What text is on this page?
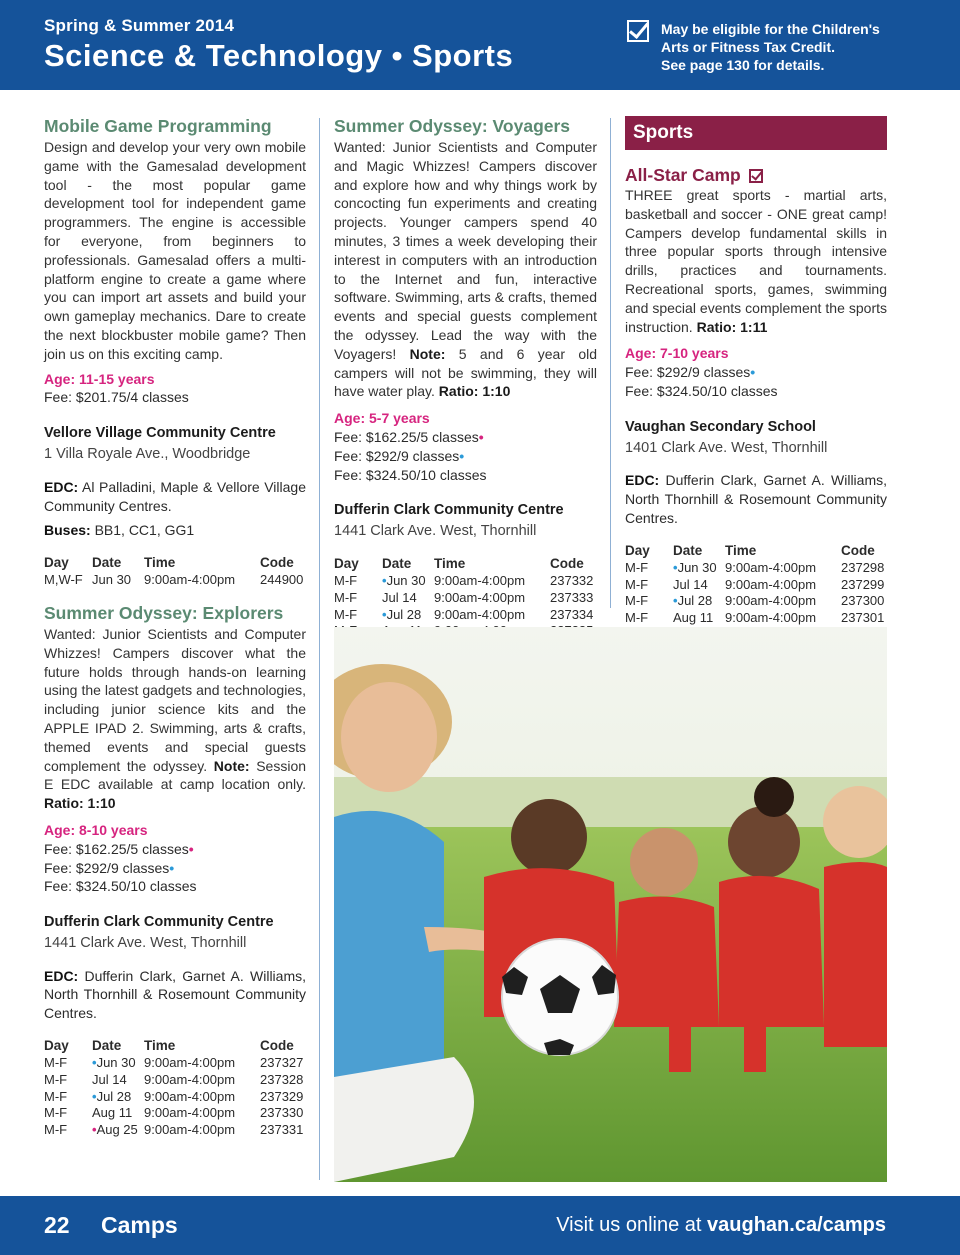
Spring & Summer 2014
Science & Technology • Sports
May be eligible for the Children's
Arts or Fitness Tax Credit.
See page 130 for details.
Mobile Game Programming
Design and develop your very own mobile game with the Gamesalad development tool - the most popular game development tool for independent game programmers. The engine is accessible for everyone, from beginners to professionals. Gamesalad offers a multi-platform engine to create a game where you can import art assets and build your own gameplay mechanics. Dare to create the next blockbuster mobile game? Then join us on this exciting camp.
Age: 11-15 years
Fee: $201.75/4 classes
Vellore Village Community Centre
1 Villa Royale Ave., Woodbridge
EDC: Al Palladini, Maple & Vellore Village Community Centres.
Buses: BB1, CC1, GG1
Day	Date	Time	Code
M,W-F	Jun 30	9:00am-4:00pm	244900
Summer Odyssey: Explorers
Wanted: Junior Scientists and Computer Whizzes! Campers discover what the future holds through hands-on learning using the latest gadgets and technologies, including junior science kits and the APPLE IPAD 2. Swimming, arts & crafts, themed events and special guests complement the odyssey. Note: Session E EDC available at camp location only. Ratio: 1:10
Age: 8-10 years
Fee: $162.25/5 classes•
Fee: $292/9 classes•
Fee: $324.50/10 classes
Dufferin Clark Community Centre
1441 Clark Ave. West, Thornhill
EDC: Dufferin Clark, Garnet A. Williams, North Thornhill & Rosemount Community Centres.
Day	Date	Time	Code
M-F	•Jun 30	9:00am-4:00pm	237327
M-F	Jul 14	9:00am-4:00pm	237328
M-F	•Jul 28	9:00am-4:00pm	237329
M-F	Aug 11	9:00am-4:00pm	237330
M-F	•Aug 25	9:00am-4:00pm	237331
Summer Odyssey: Voyagers
Wanted: Junior Scientists and Computer and Magic Whizzes! Campers discover and explore how and why things work by concocting fun experiments and creating projects. Younger campers spend 40 minutes, 3 times a week developing their interest in computers with an introduction to the Internet and fun, interactive software. Swimming, arts & crafts, themed events and special guests complement the odyssey. Lead the way with the Voyagers! Note: 5 and 6 year old campers will not be swimming, they will have water play. Ratio: 1:10
Age: 5-7 years
Fee: $162.25/5 classes•
Fee: $292/9 classes•
Fee: $324.50/10 classes
Dufferin Clark Community Centre
1441 Clark Ave. West, Thornhill
Day	Date	Time	Code
M-F	•Jun 30	9:00am-4:00pm	237332
M-F	Jul 14	9:00am-4:00pm	237333
M-F	•Jul 28	9:00am-4:00pm	237334

Sports
All-Star Camp
THREE great sports - martial arts, basketball and soccer - ONE great camp! Campers develop fundamental skills in three popular sports through intensive drills, practices and tournaments. Recreational sports, games, swimming and special events complement the sports instruction. Ratio: 1:11
Age: 7-10 years
Fee: $292/9 classes•
Fee: $324.50/10 classes
Vaughan Secondary School
1401 Clark Ave. West, Thornhill
EDC: Dufferin Clark, Garnet A. Williams, North Thornhill & Rosemount Community Centres.
Day	Date	Time	Code
M-F	•Jun 30	9:00am-4:00pm	237298
M-F	Jul 14	9:00am-4:00pm	237299
M-F	•Jul 28	9:00am-4:00pm	237300
M-F	Aug 11	9:00am-4:00pm	237301
22 Camps	Visit us online at vaughan.ca/camps
